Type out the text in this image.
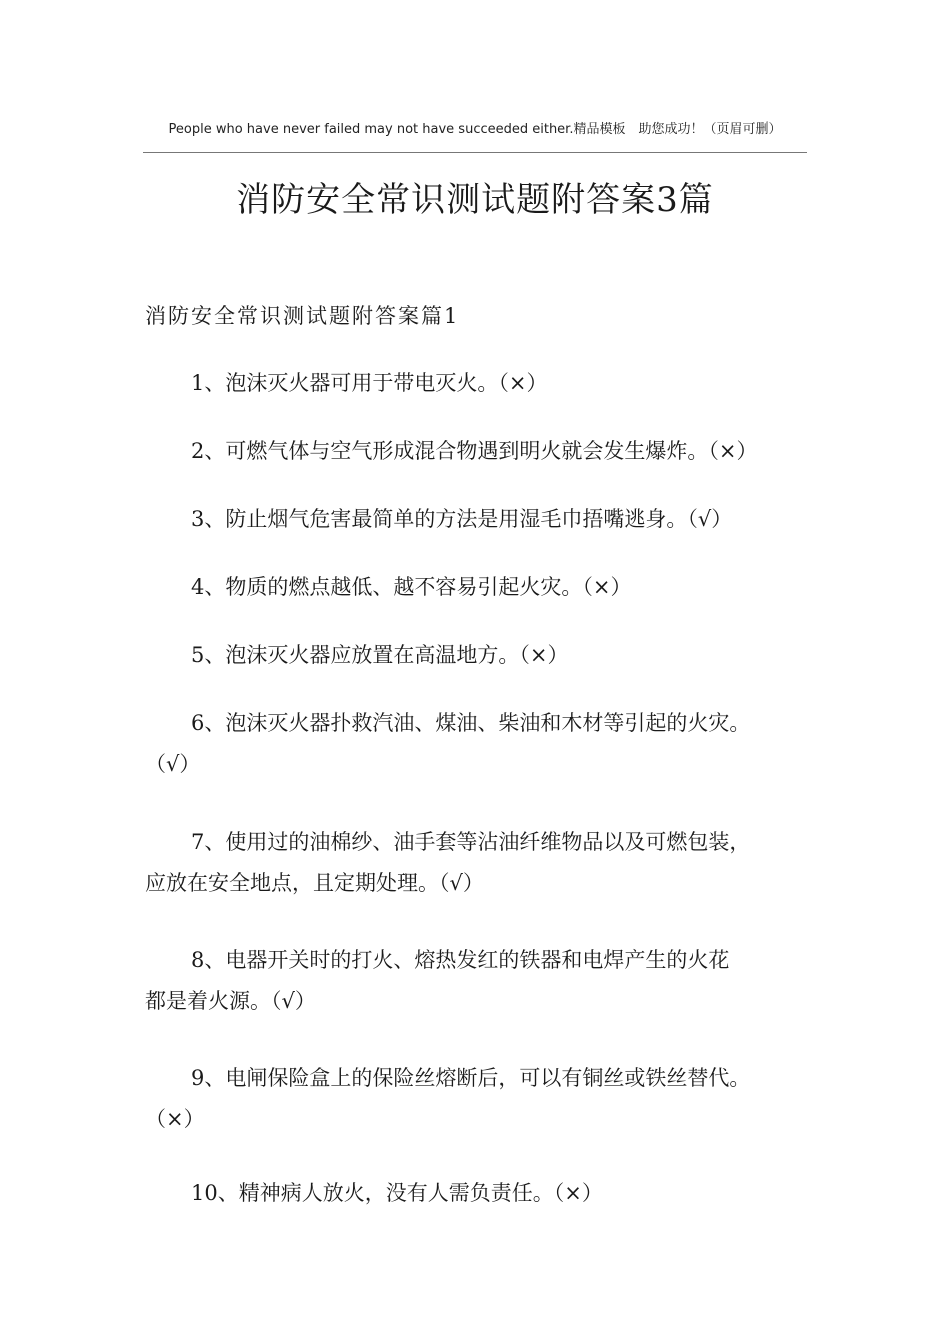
People who have never failed may not have succeeded either.精品模板　助您成功！（页眉可删）
消防安全常识测试题附答案3篇
消防安全常识测试题附答案篇1
1、泡沫灭火器可用于带电灭火。（×）
2、可燃气体与空气形成混合物遇到明火就会发生爆炸。（×）
3、防止烟气危害最简单的方法是用湿毛巾捂嘴逃身。（√）
4、物质的燃点越低、越不容易引起火灾。（×）
5、泡沫灭火器应放置在高温地方。（×）
6、泡沫灭火器扑救汽油、煤油、柴油和木材等引起的火灾。
（√）
7、使用过的油棉纱、油手套等沾油纤维物品以及可燃包装，
应放在安全地点，且定期处理。（√）
8、电器开关时的打火、熔热发红的铁器和电焊产生的火花
都是着火源。（√）
9、电闸保险盒上的保险丝熔断后，可以有铜丝或铁丝替代。
（×）
10、精神病人放火，没有人需负责任。（×）
